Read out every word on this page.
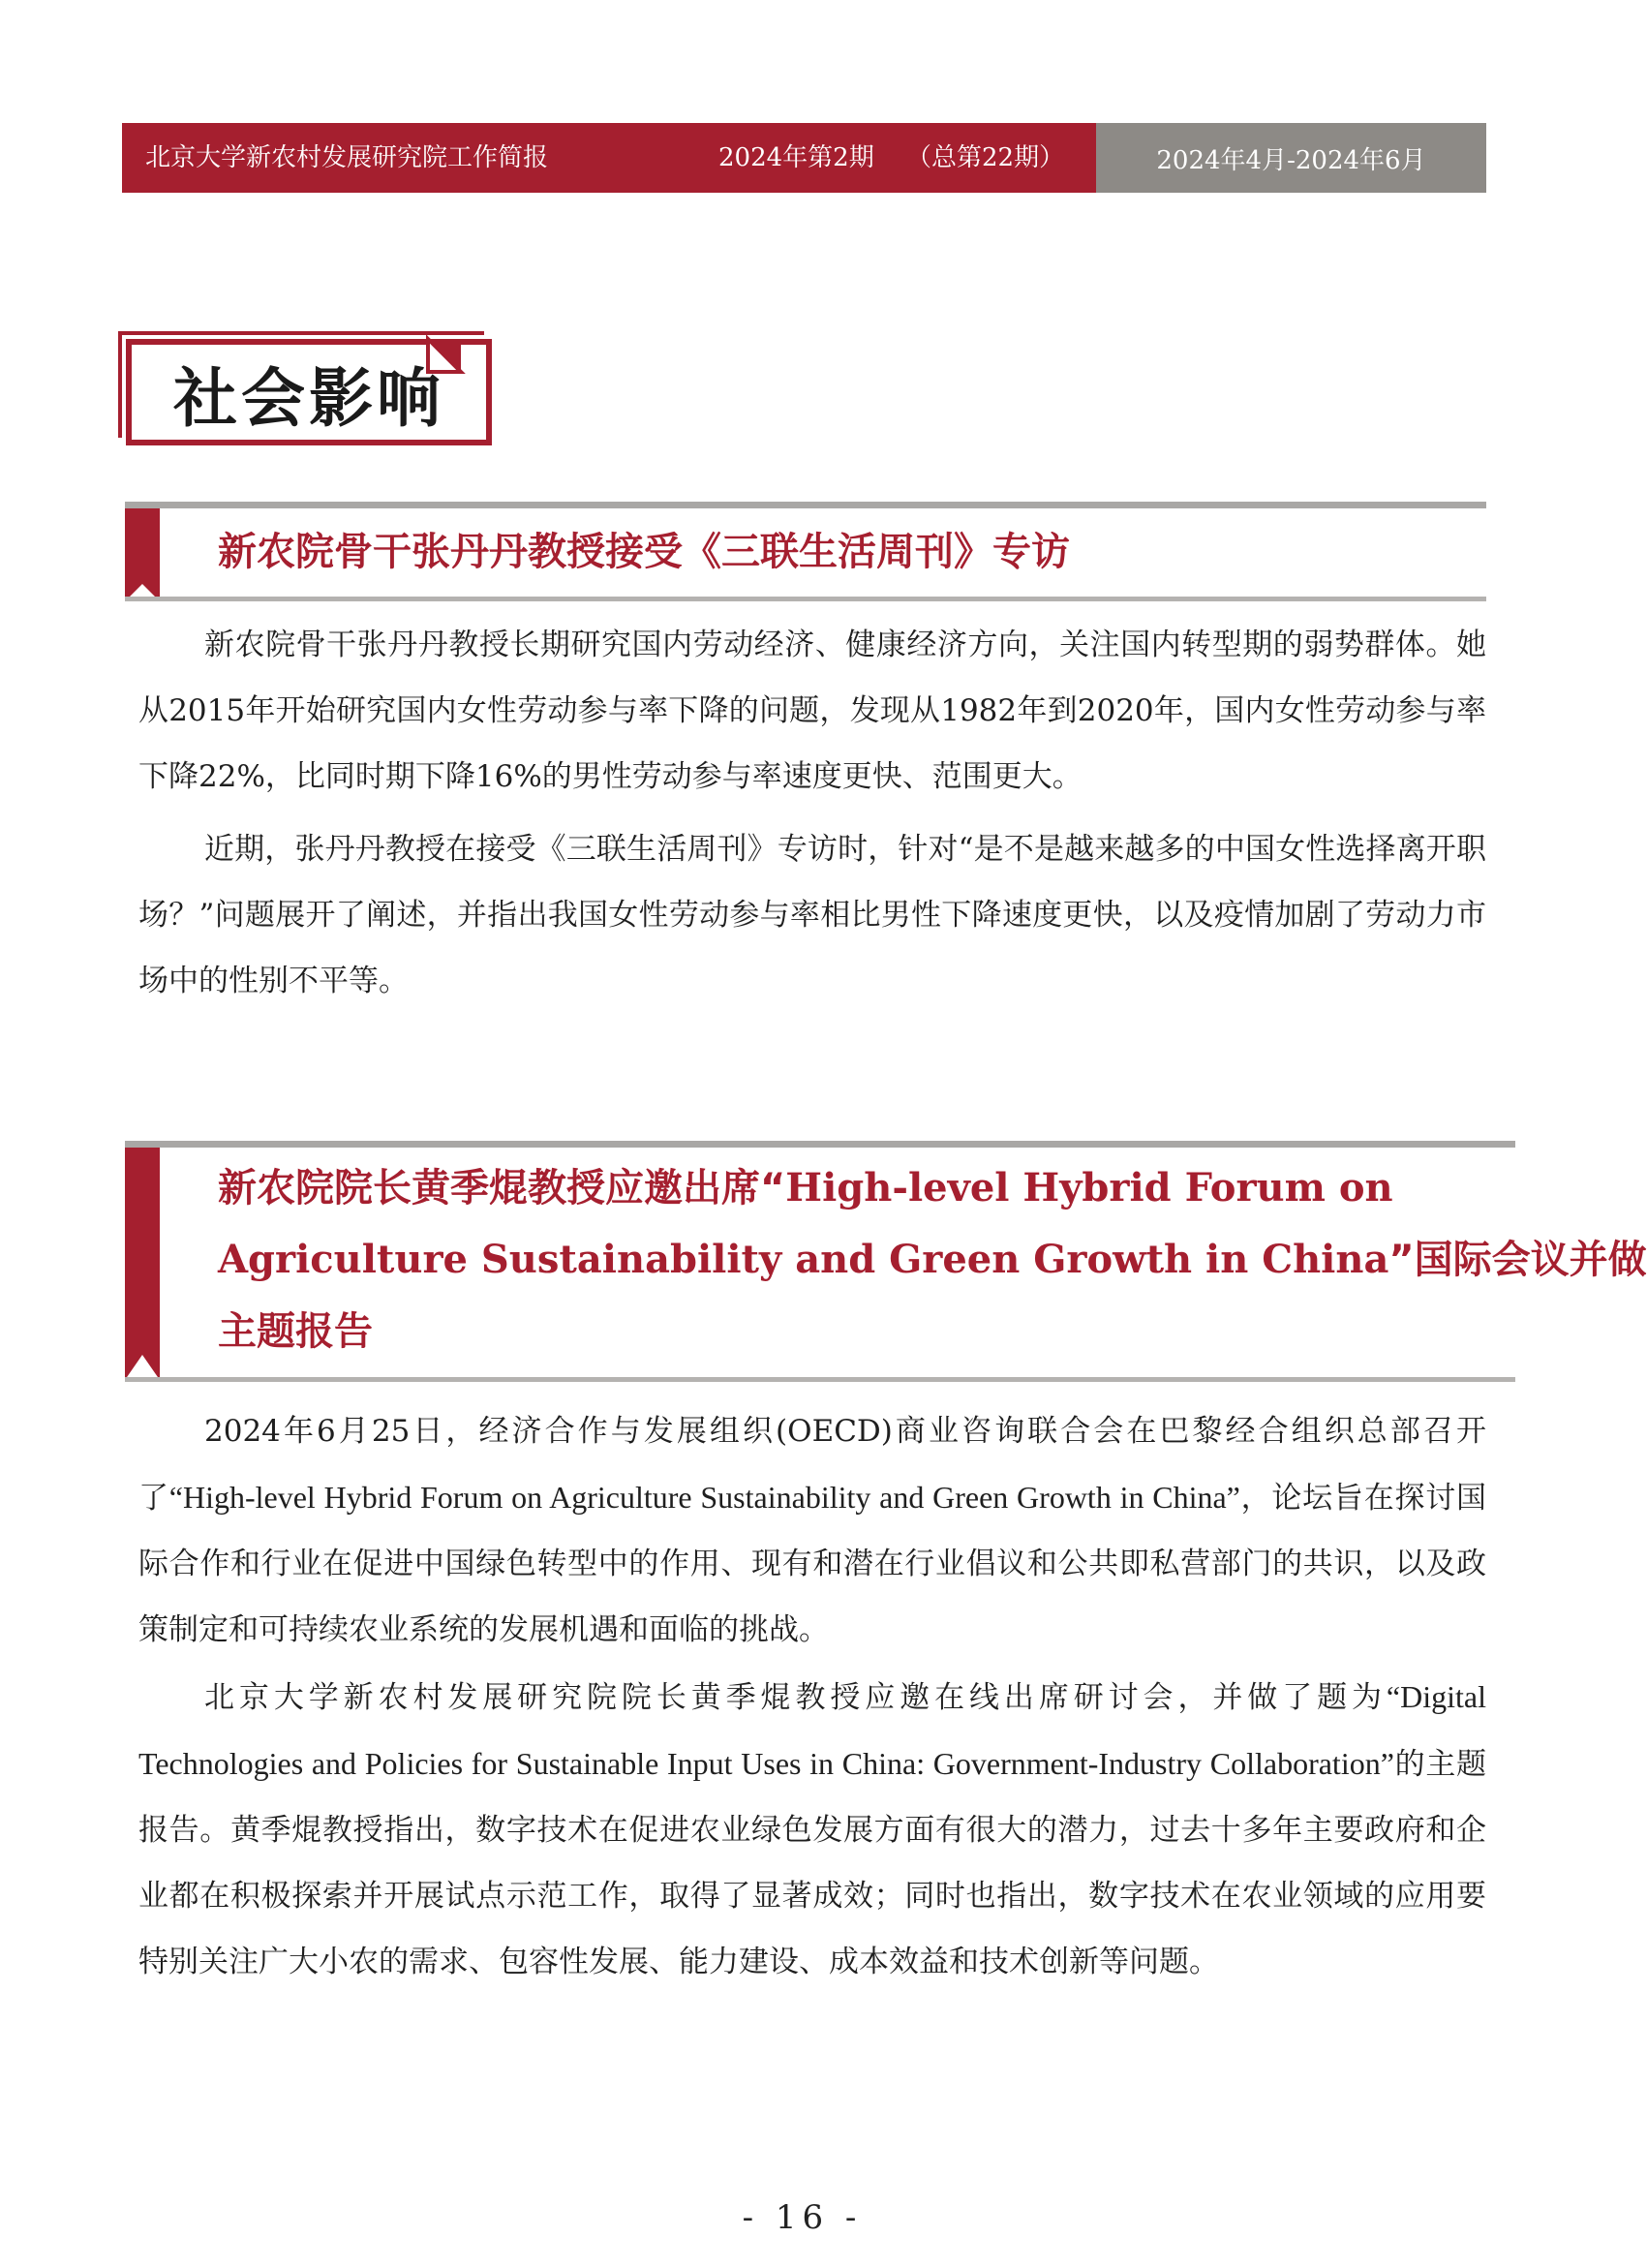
北京大学新农村发展研究院工作简报	2024年第2期 （总第22期）	2024年4月-2024年6月
社会影响
新农院骨干张丹丹教授接受《三联生活周刊》专访

新农院骨干张丹丹教授长期研究国内劳动经济、健康经济方向，关注国内转型期的弱势群体。她从2015年开始研究国内女性劳动参与率下降的问题，发现从1982年到2020年，国内女性劳动参与率下降22%，比同时期下降16%的男性劳动参与率速度更快、范围更大。

近期，张丹丹教授在接受《三联生活周刊》专访时，针对“是不是越来越多的中国女性选择离开职场？”问题展开了阐述，并指出我国女性劳动参与率相比男性下降速度更快，以及疫情加剧了劳动力市场中的性别不平等。

新农院院长黄季焜教授应邀出席“High-level Hybrid Forum on
Agriculture Sustainability and Green Growth in China”国际会议并做
主题报告

2024年6月25日，经济合作与发展组织(OECD)商业咨询联合会在巴黎经合组织总部召开了“High-level Hybrid Forum on Agriculture Sustainability and Green Growth in China”，论坛旨在探讨国际合作和行业在促进中国绿色转型中的作用、现有和潜在行业倡议和公共即私营部门的共识，以及政策制定和可持续农业系统的发展机遇和面临的挑战。

北京大学新农村发展研究院院长黄季焜教授应邀在线出席研讨会，并做了题为“Digital Technologies and Policies for Sustainable Input Uses in China: Government-Industry Collaboration”的主题报告。黄季焜教授指出，数字技术在促进农业绿色发展方面有很大的潜力，过去十多年主要政府和企业都在积极探索并开展试点示范工作，取得了显著成效；同时也指出，数字技术在农业领域的应用要特别关注广大小农的需求、包容性发展、能力建设、成本效益和技术创新等问题。

- 16 -
